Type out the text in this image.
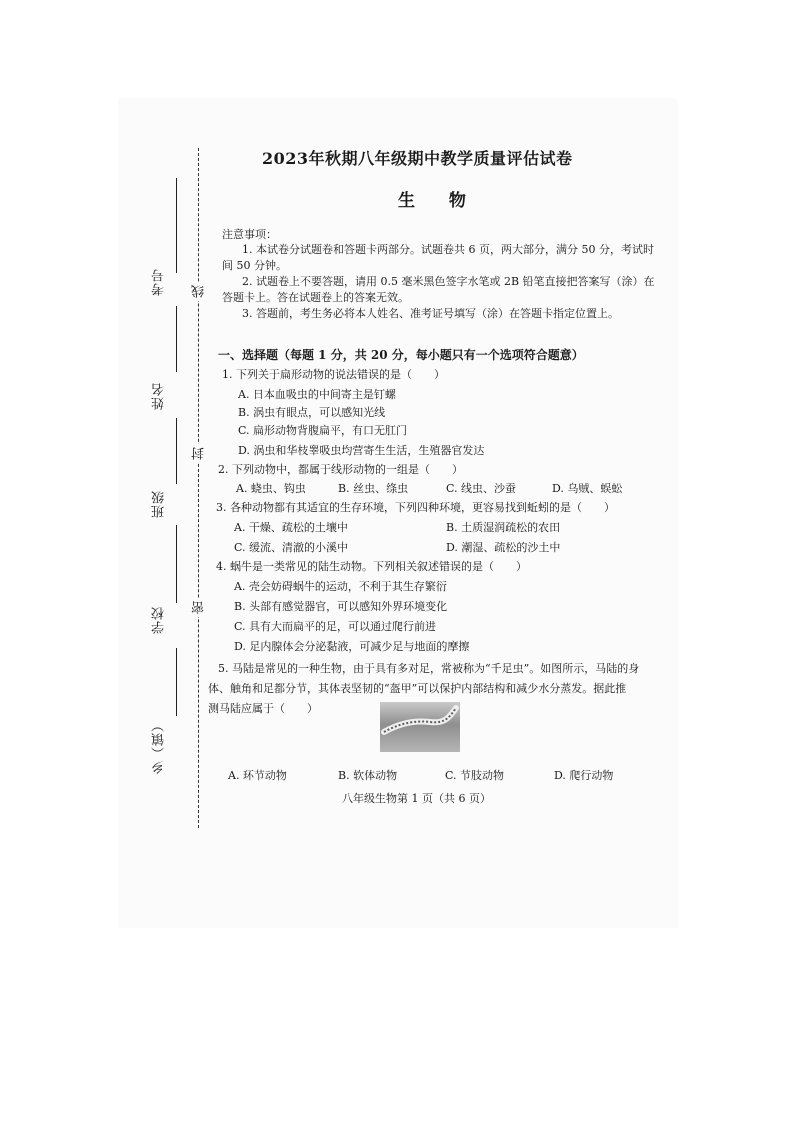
线
封
密
考号
姓名
班级
学校
乡（镇）
2023年秋期八年级期中教学质量评估试卷
生 物
注意事项：
1. 本试卷分试题卷和答题卡两部分。试题卷共 6 页，两大部分，满分 50 分，考试时
间 50 分钟。
2. 试题卷上不要答题，请用 0.5 毫米黑色签字水笔或 2B 铅笔直接把答案写（涂）在
答题卡上。答在试题卷上的答案无效。
3. 答题前，考生务必将本人姓名、准考证号填写（涂）在答题卡指定位置上。
一、选择题（每题 1 分，共 20 分，每小题只有一个选项符合题意）
1. 下列关于扁形动物的说法错误的是（　　）
A. 日本血吸虫的中间寄主是钉螺
B. 涡虫有眼点，可以感知光线
C. 扁形动物背腹扁平，有口无肛门
D. 涡虫和华枝睾吸虫均营寄生生活，生殖器官发达
2. 下列动物中，都属于线形动物的一组是（　　）
A. 蛲虫、钩虫	B. 丝虫、绦虫	C. 线虫、沙蚕	D. 乌贼、蜈蚣
3. 各种动物都有其适宜的生存环境，下列四种环境，更容易找到蚯蚓的是（　　）
A. 干燥、疏松的土壤中	B. 土质湿润疏松的农田
C. 缓流、清澈的小溪中	D. 潮湿、疏松的沙土中
4. 蜗牛是一类常见的陆生动物。下列相关叙述错误的是（　　）
A. 壳会妨碍蜗牛的运动，不利于其生存繁衍
B. 头部有感觉器官，可以感知外界环境变化
C. 具有大而扁平的足，可以通过爬行前进
D. 足内腺体会分泌黏液，可减少足与地面的摩擦
5. 马陆是常见的一种生物，由于具有多对足，常被称为“千足虫”。如图所示，马陆的身
体、触角和足都分节，其体表坚韧的“盔甲”可以保护内部结构和减少水分蒸发。据此推
测马陆应属于（　　）
A. 环节动物	B. 软体动物	C. 节肢动物	D. 爬行动物
八年级生物第 1 页（共 6 页）
